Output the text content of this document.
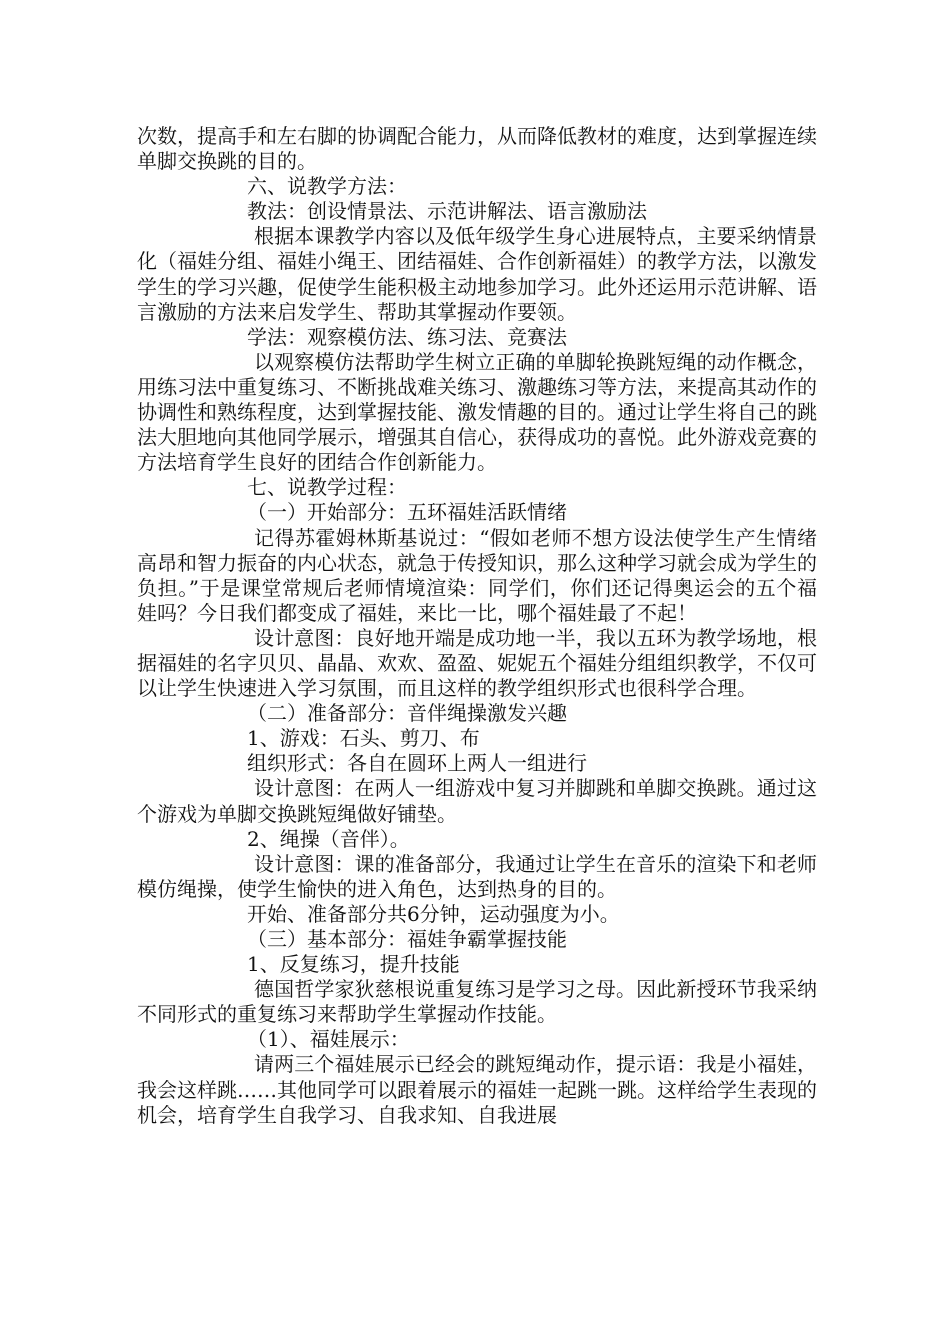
次数，提高手和左右脚的协调配合能力，从而降低教材的难度，达到掌握连续单脚交换跳的目的。

六、说教学方法：

教法：创设情景法、示范讲解法、语言激励法

根据本课教学内容以及低年级学生身心进展特点，主要采纳情景化（福娃分组、福娃小绳王、团结福娃、合作创新福娃）的教学方法，以激发学生的学习兴趣，促使学生能积极主动地参加学习。此外还运用示范讲解、语言激励的方法来启发学生、帮助其掌握动作要领。

学法：观察模仿法、练习法、竞赛法

以观察模仿法帮助学生树立正确的单脚轮换跳短绳的动作概念，用练习法中重复练习、不断挑战难关练习、激趣练习等方法，来提高其动作的协调性和熟练程度，达到掌握技能、激发情趣的目的。通过让学生将自己的跳法大胆地向其他同学展示，增强其自信心，获得成功的喜悦。此外游戏竞赛的方法培育学生良好的团结合作创新能力。

七、说教学过程：

（一）开始部分：五环福娃活跃情绪

记得苏霍姆林斯基说过：“假如老师不想方设法使学生产生情绪高昂和智力振奋的内心状态，就急于传授知识，那么这种学习就会成为学生的负担。”于是课堂常规后老师情境渲染：同学们，你们还记得奥运会的五个福娃吗？今日我们都变成了福娃，来比一比，哪个福娃最了不起！

设计意图：良好地开端是成功地一半，我以五环为教学场地，根据福娃的名字贝贝、晶晶、欢欢、盈盈、妮妮五个福娃分组组织教学，不仅可以让学生快速进入学习氛围，而且这样的教学组织形式也很科学合理。

（二）准备部分：音伴绳操激发兴趣

1、游戏：石头、剪刀、布

组织形式：各自在圆环上两人一组进行

设计意图：在两人一组游戏中复习并脚跳和单脚交换跳。通过这个游戏为单脚交换跳短绳做好铺垫。

2、绳操（音伴）。

设计意图：课的准备部分，我通过让学生在音乐的渲染下和老师模仿绳操，使学生愉快的进入角色，达到热身的目的。

开始、准备部分共6分钟，运动强度为小。

（三）基本部分：福娃争霸掌握技能

1、反复练习，提升技能

德国哲学家狄慈根说重复练习是学习之母。因此新授环节我采纳不同形式的重复练习来帮助学生掌握动作技能。

（1）、福娃展示：

请两三个福娃展示已经会的跳短绳动作，提示语：我是小福娃，我会这样跳……其他同学可以跟着展示的福娃一起跳一跳。这样给学生表现的机会，培育学生自我学习、自我求知、自我进展
